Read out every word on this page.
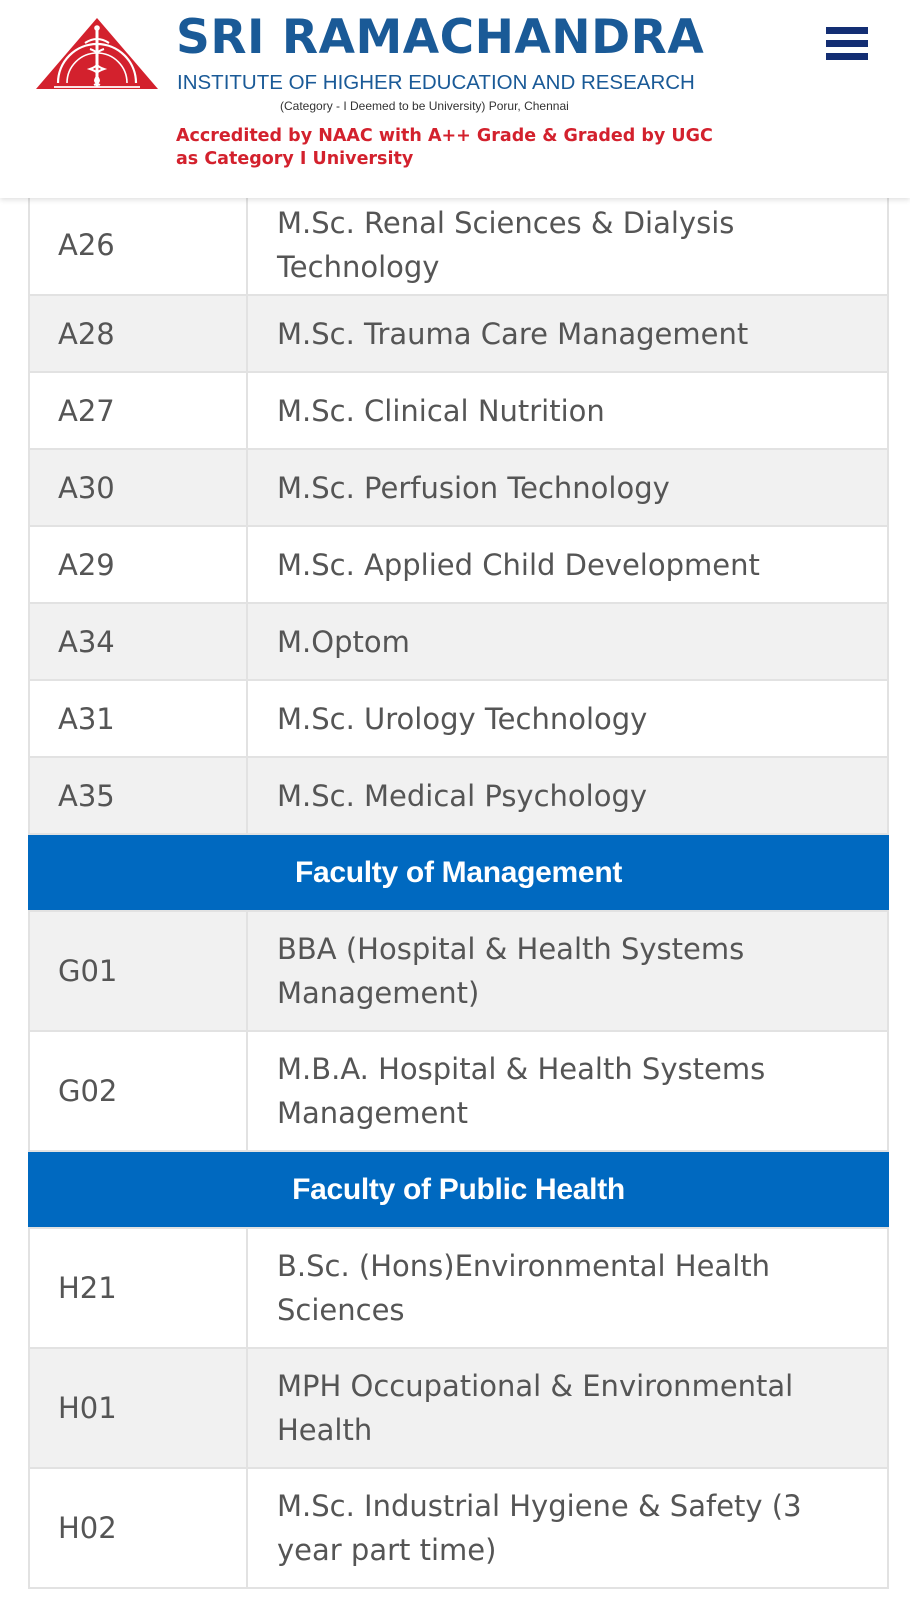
SRI RAMACHANDRA
INSTITUTE OF HIGHER EDUCATION AND RESEARCH
(Category - I Deemed to be University) Porur, Chennai
Accredited by NAAC with A++ Grade & Graded by UGC
as Category I University
A26	M.Sc. Renal Sciences & Dialysis Technology
A28	M.Sc. Trauma Care Management
A27	M.Sc. Clinical Nutrition
A30	M.Sc. Perfusion Technology
A29	M.Sc. Applied Child Development
A34	M.Optom
A31	M.Sc. Urology Technology
A35	M.Sc. Medical Psychology
Faculty of Management	
G01	BBA (Hospital & Health Systems Management)
G02	M.B.A. Hospital & Health Systems Management
Faculty of Public Health	
H21	B.Sc. (Hons)Environmental Health Sciences
H01	MPH Occupational & Environmental Health
H02	M.Sc. Industrial Hygiene & Safety (3 year part time)
